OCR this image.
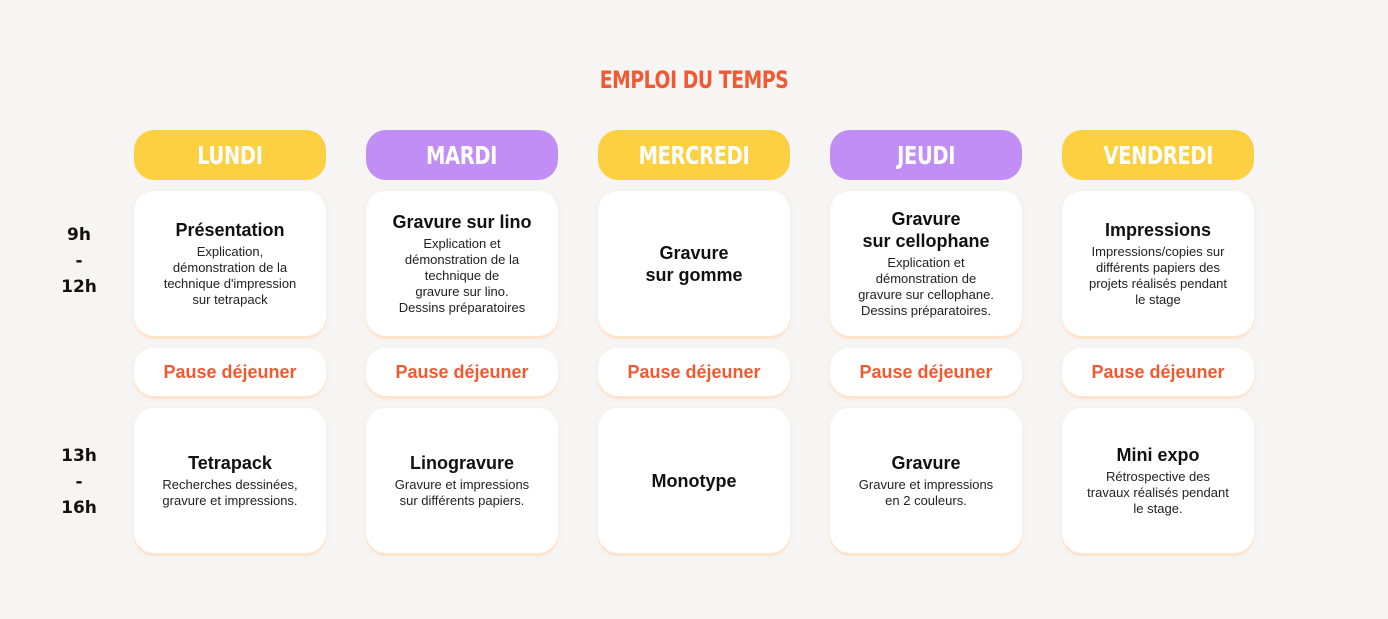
EMPLOI DU TEMPS
9h
-
12h
13h
-
16h
LUNDI
Présentation
Explication,
démonstration de la
technique d'impression
sur tetrapack
Pause déjeuner
Tetrapack
Recherches dessinées,
gravure et impressions.
MARDI
Gravure sur lino
Explication et
démonstration de la
technique de
gravure sur lino.
Dessins préparatoires
Pause déjeuner
Linogravure
Gravure et impressions
sur différents papiers.
MERCREDI
Gravure
sur gomme
Pause déjeuner
Monotype
JEUDI
Gravure
sur cellophane
Explication et
démonstration de
gravure sur cellophane.
Dessins préparatoires.
Pause déjeuner
Gravure
Gravure et impressions
en 2 couleurs.
VENDREDI
Impressions
Impressions/copies sur
différents papiers des
projets réalisés pendant
le stage
Pause déjeuner
Mini expo
Rétrospective des
travaux réalisés pendant
le stage.
